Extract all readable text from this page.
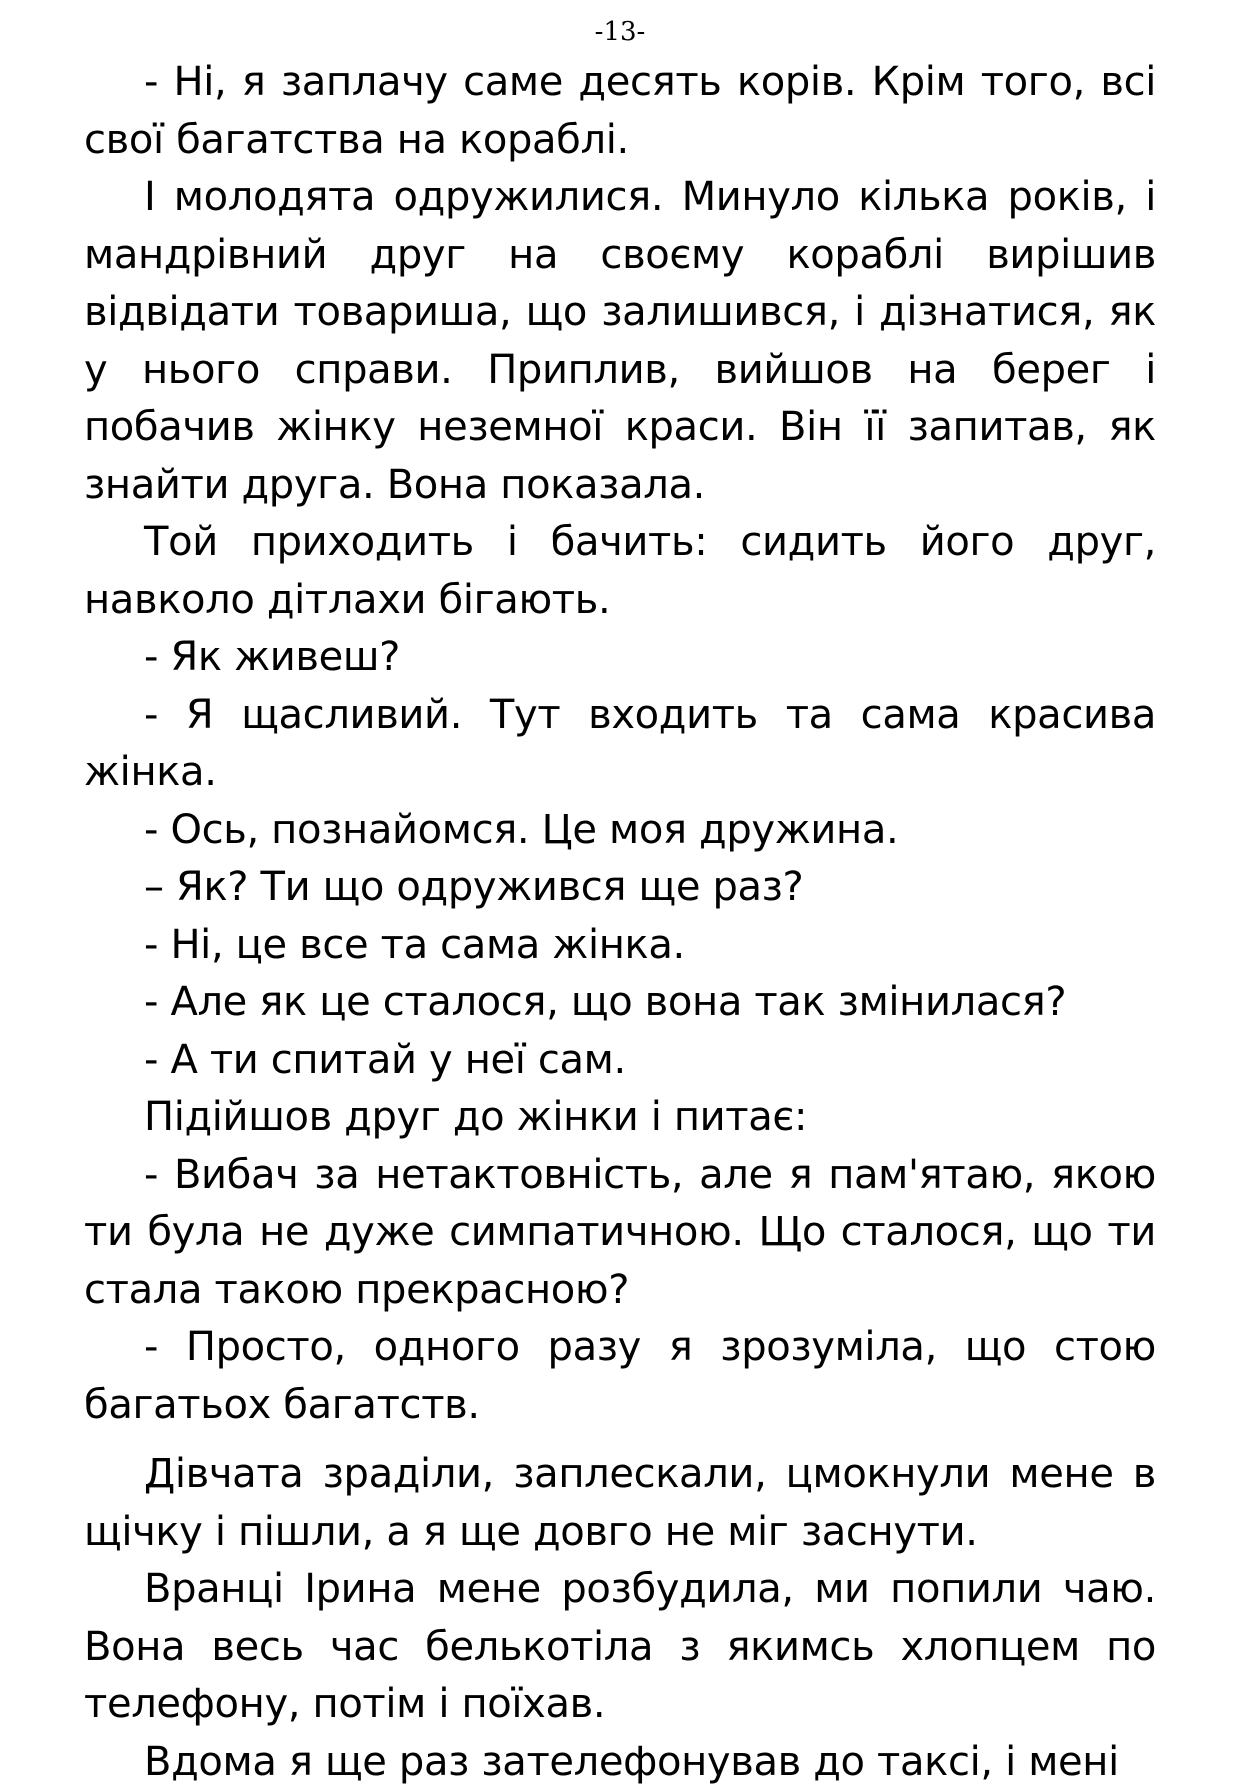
-13-

- Ні, я заплачу саме десять корів. Крім того, всі свої багатства на кораблі.

І молодята одружилися. Минуло кілька років, і мандрівний друг на своєму кораблі вирішив відвідати товариша, що залишився, і дізнатися, як у нього справи. Приплив, вийшов на берег і побачив жінку неземної краси. Він її запитав, як знайти друга. Вона показала.

Той приходить і бачить: сидить його друг, навколо дітлахи бігають.

- Як живеш?

- Я щасливий. Тут входить та сама красива жінка.

- Ось, познайомся. Це моя дружина.

– Як? Ти що одружився ще раз?

- Ні, це все та сама жінка.

- Але як це сталося, що вона так змінилася?

- А ти спитай у неї сам.

Підійшов друг до жінки і питає:

- Вибач за нетактовність, але я пам'ятаю, якою ти була не дуже симпатичною. Що сталося, що ти стала такою прекрасною?

- Просто, одного разу я зрозуміла, що стою багатьох багатств.

Дівчата зраділи, заплескали, цмокнули мене в щічку і пішли, а я ще довго не міг заснути.

Вранці Ірина мене розбудила, ми попили чаю. Вона весь час белькотіла з якимсь хлопцем по телефону, потім і поїхав.

Вдома я ще раз зателефонував до таксі, і мені
